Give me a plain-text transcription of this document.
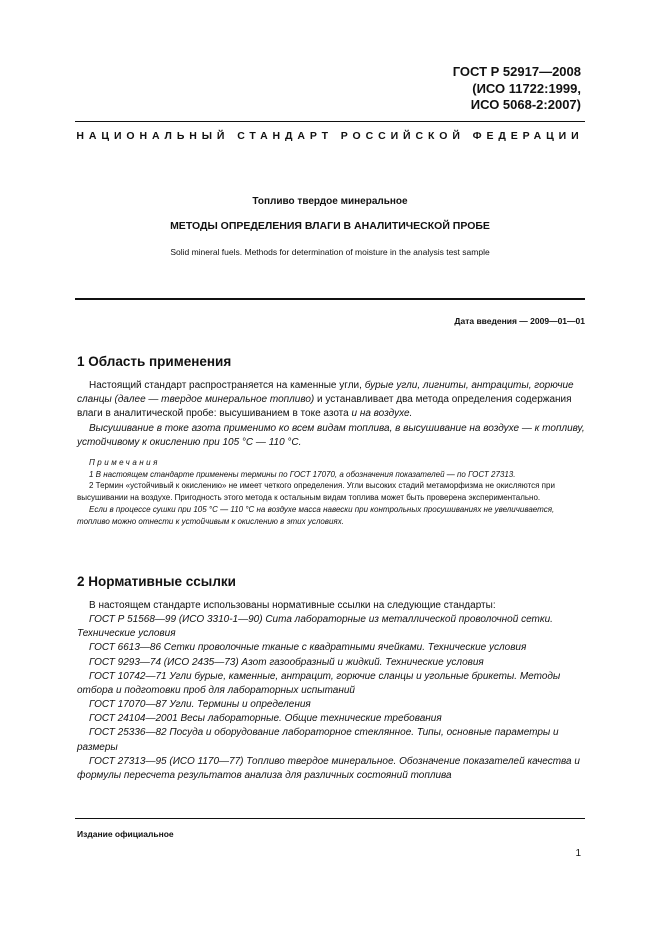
ГОСТ Р 52917—2008
(ИСО 11722:1999,
ИСО 5068-2:2007)
НАЦИОНАЛЬНЫЙ СТАНДАРТ РОССИЙСКОЙ ФЕДЕРАЦИИ
Топливо твердое минеральное
МЕТОДЫ ОПРЕДЕЛЕНИЯ ВЛАГИ В АНАЛИТИЧЕСКОЙ ПРОБЕ
Solid mineral fuels. Methods for determination of moisture in the analysis test sample
Дата введения — 2009—01—01
1 Область применения

Настоящий стандарт распространяется на каменные угли, бурые угли, лигниты, антрациты, горючие сланцы (далее — твердое минеральное топливо) и устанавливает два метода определения содержания влаги в аналитической пробе: высушиванием в токе азота и на воздухе.

Высушивание в токе азота применимо ко всем видам топлива, в высушивание на воздухе — к топливу, устойчивому к окислению при 105 °С — 110 °С.

Примечания

1 В настоящем стандарте применены термины по ГОСТ 17070, а обозначения показателей — по ГОСТ 27313.

2 Термин «устойчивый к окислению» не имеет четкого определения. Угли высоких стадий метаморфизма не окисляются при высушивании на воздухе. Пригодность этого метода к остальным видам топлива может быть проверена экспериментально.

Если в процессе сушки при 105 °С — 110 °С на воздухе масса навески при контрольных просушиваниях не увеличивается, топливо можно отнести к устойчивым к окислению в этих условиях.

2 Нормативные ссылки

В настоящем стандарте использованы нормативные ссылки на следующие стандарты:

ГОСТ Р 51568—99 (ИСО 3310-1—90) Сита лабораторные из металлической проволочной сетки. Технические условия

ГОСТ 6613—86 Сетки проволочные тканые с квадратными ячейками. Технические условия

ГОСТ 9293—74 (ИСО 2435—73) Азот газообразный и жидкий. Технические условия

ГОСТ 10742—71 Угли бурые, каменные, антрацит, горючие сланцы и угольные брикеты. Методы отбора и подготовки проб для лабораторных испытаний

ГОСТ 17070—87 Угли. Термины и определения

ГОСТ 24104—2001 Весы лабораторные. Общие технические требования

ГОСТ 25336—82 Посуда и оборудование лабораторное стеклянное. Типы, основные параметры и размеры

ГОСТ 27313—95 (ИСО 1170—77) Топливо твердое минеральное. Обозначение показателей качества и формулы пересчета результатов анализа для различных состояний топлива

Издание официальное
1
